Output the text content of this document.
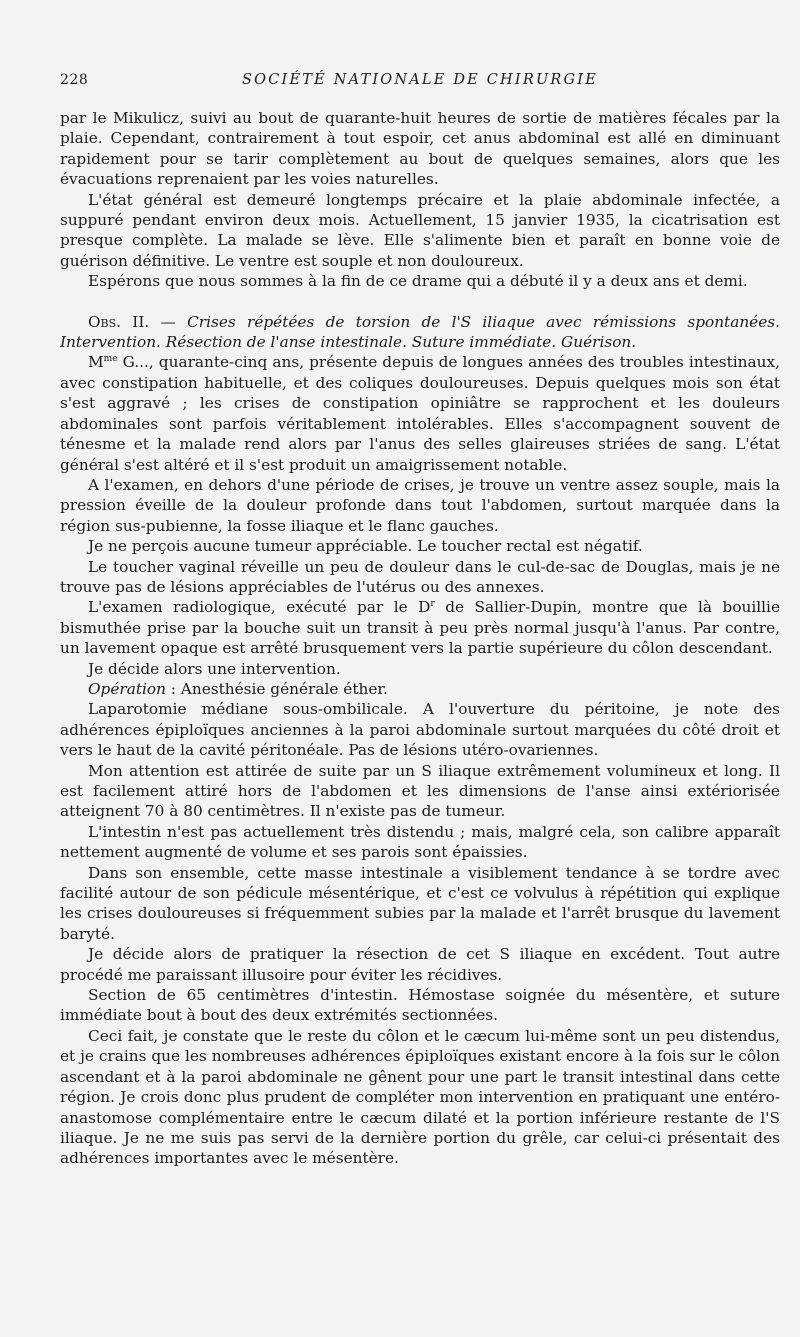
228	SOCIÉTÉ NATIONALE DE CHIRURGIE

par le Mikulicz, suivi au bout de quarante-huit heures de sortie de matières fécales par la plaie. Cependant, contrairement à tout espoir, cet anus abdominal est allé en diminuant rapidement pour se tarir complètement au bout de quelques semaines, alors que les évacuations reprenaient par les voies naturelles.

L'état général est demeuré longtemps précaire et la plaie abdominale infectée, a suppuré pendant environ deux mois. Actuellement, 15 janvier 1935, la cicatrisation est presque complète. La malade se lève. Elle s'alimente bien et paraît en bonne voie de guérison définitive. Le ventre est souple et non douloureux.

Espérons que nous sommes à la fin de ce drame qui a débuté il y a deux ans et demi.

Obs. II. — Crises répétées de torsion de l'S iliaque avec rémissions spontanées. Intervention. Résection de l'anse intestinale. Suture immédiate. Guérison.

$M^{me}$ G..., quarante-cinq ans, présente depuis de longues années des troubles intestinaux, avec constipation habituelle, et des coliques douloureuses. Depuis quelques mois son état s'est aggravé ; les crises de constipation opiniâtre se rapprochent et les douleurs abdominales sont parfois véritablement intolérables. Elles s'accompagnent souvent de ténesme et la malade rend alors par l'anus des selles glaireuses striées de sang. L'état général s'est altéré et il s'est produit un amaigrissement notable.

A l'examen, en dehors d'une période de crises, je trouve un ventre assez souple, mais la pression éveille de la douleur profonde dans tout l'abdomen, surtout marquée dans la région sus-pubienne, la fosse iliaque et le flanc gauches.

Je ne perçois aucune tumeur appréciable. Le toucher rectal est négatif.

Le toucher vaginal réveille un peu de douleur dans le cul-de-sac de Douglas, mais je ne trouve pas de lésions appréciables de l'utérus ou des annexes.

L'examen radiologique, exécuté par le $D^r$ de Sallier-Dupin, montre que là bouillie bismuthée prise par la bouche suit un transit à peu près normal jusqu'à l'anus. Par contre, un lavement opaque est arrêté brusquement vers la partie supérieure du côlon descendant.

Je décide alors une intervention.

Opération : Anesthésie générale éther.

Laparotomie médiane sous-ombilicale. A l'ouverture du péritoine, je note des adhérences épiploïques anciennes à la paroi abdominale surtout marquées du côté droit et vers le haut de la cavité péritonéale. Pas de lésions utéro-ovariennes.

Mon attention est attirée de suite par un S iliaque extrêmement volumineux et long. Il est facilement attiré hors de l'abdomen et les dimensions de l'anse ainsi extériorisée atteignent 70 à 80 centimètres. Il n'existe pas de tumeur.

L'intestin n'est pas actuellement très distendu ; mais, malgré cela, son calibre apparaît nettement augmenté de volume et ses parois sont épaissies.

Dans son ensemble, cette masse intestinale a visiblement tendance à se tordre avec facilité autour de son pédicule mésentérique, et c'est ce volvulus à répétition qui explique les crises douloureuses si fréquemment subies par la malade et l'arrêt brusque du lavement baryté.

Je décide alors de pratiquer la résection de cet S iliaque en excédent. Tout autre procédé me paraissant illusoire pour éviter les récidives.

Section de 65 centimètres d'intestin. Hémostase soignée du mésentère, et suture immédiate bout à bout des deux extrémités sectionnées.

Ceci fait, je constate que le reste du côlon et le cæcum lui-même sont un peu distendus, et je crains que les nombreuses adhérences épiploïques existant encore à la fois sur le côlon ascendant et à la paroi abdominale ne gênent pour une part le transit intestinal dans cette région. Je crois donc plus prudent de compléter mon intervention en pratiquant une entéro-anastomose complémentaire entre le cæcum dilaté et la portion inférieure restante de l'S iliaque. Je ne me suis pas servi de la dernière portion du grêle, car celui-ci présentait des adhérences importantes avec le mésentère.
